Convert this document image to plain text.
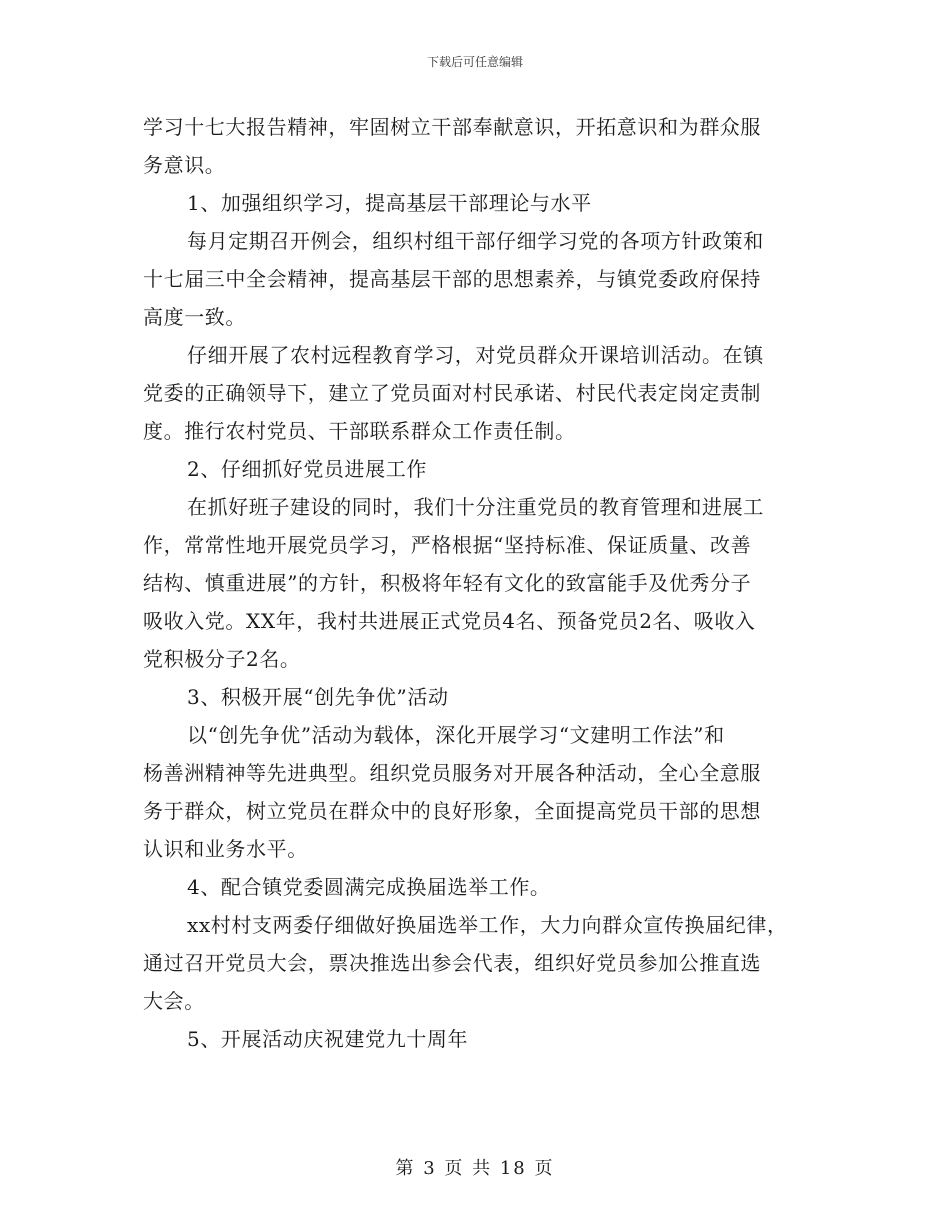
下载后可任意编辑

学习十七大报告精神，牢固树立干部奉献意识，开拓意识和为群众服
务意识。

1、加强组织学习，提高基层干部理论与水平

每月定期召开例会，组织村组干部仔细学习党的各项方针政策和
十七届三中全会精神，提高基层干部的思想素养，与镇党委政府保持
高度一致。

仔细开展了农村远程教育学习，对党员群众开课培训活动。在镇
党委的正确领导下，建立了党员面对村民承诺、村民代表定岗定责制
度。推行农村党员、干部联系群众工作责任制。

2、仔细抓好党员进展工作

在抓好班子建设的同时，我们十分注重党员的教育管理和进展工
作，常常性地开展党员学习，严格根据“坚持标准、保证质量、改善
结构、慎重进展”的方针，积极将年轻有文化的致富能手及优秀分子
吸收入党。XX年，我村共进展正式党员4名、预备党员2名、吸收入
党积极分子2名。

3、积极开展“创先争优”活动

以“创先争优”活动为载体，深化开展学习“文建明工作法”和
杨善洲精神等先进典型。组织党员服务对开展各种活动，全心全意服
务于群众，树立党员在群众中的良好形象，全面提高党员干部的思想
认识和业务水平。

4、配合镇党委圆满完成换届选举工作。

xx村村支两委仔细做好换届选举工作，大力向群众宣传换届纪律，
通过召开党员大会，票决推选出参会代表，组织好党员参加公推直选
大会。

5、开展活动庆祝建党九十周年

第 3 页 共 18 页
